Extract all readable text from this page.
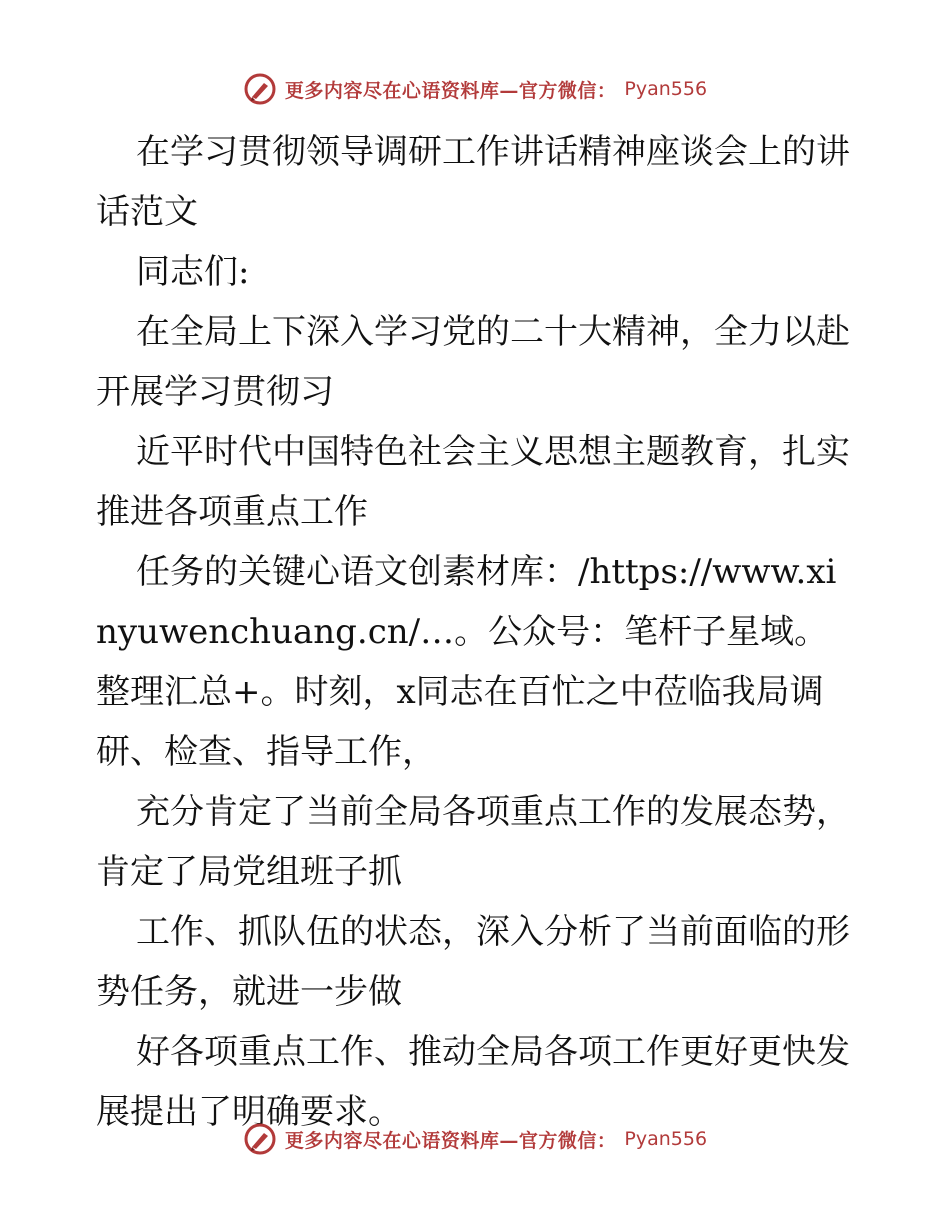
更多内容尽在心语资料库—官方微信： Pyan556

在学习贯彻领导调研工作讲话精神座谈会上的讲话范文

同志们:

在全局上下深入学习党的二十大精神，全力以赴开展学习贯彻习

近平时代中国特色社会主义思想主题教育，扎实推进各项重点工作

任务的关键心语文创素材库：/https://www.xinyuwenchuang.cn/…。公众号：笔杆子星域。整理汇总+。时刻，x同志在百忙之中莅临我局调研、检查、指导工作，

充分肯定了当前全局各项重点工作的发展态势，肯定了局党组班子抓

工作、抓队伍的状态，深入分析了当前面临的形势任务，就进一步做

好各项重点工作、推动全局各项工作更好更快发展提出了明确要求。

更多内容尽在心语资料库—官方微信： Pyan556
